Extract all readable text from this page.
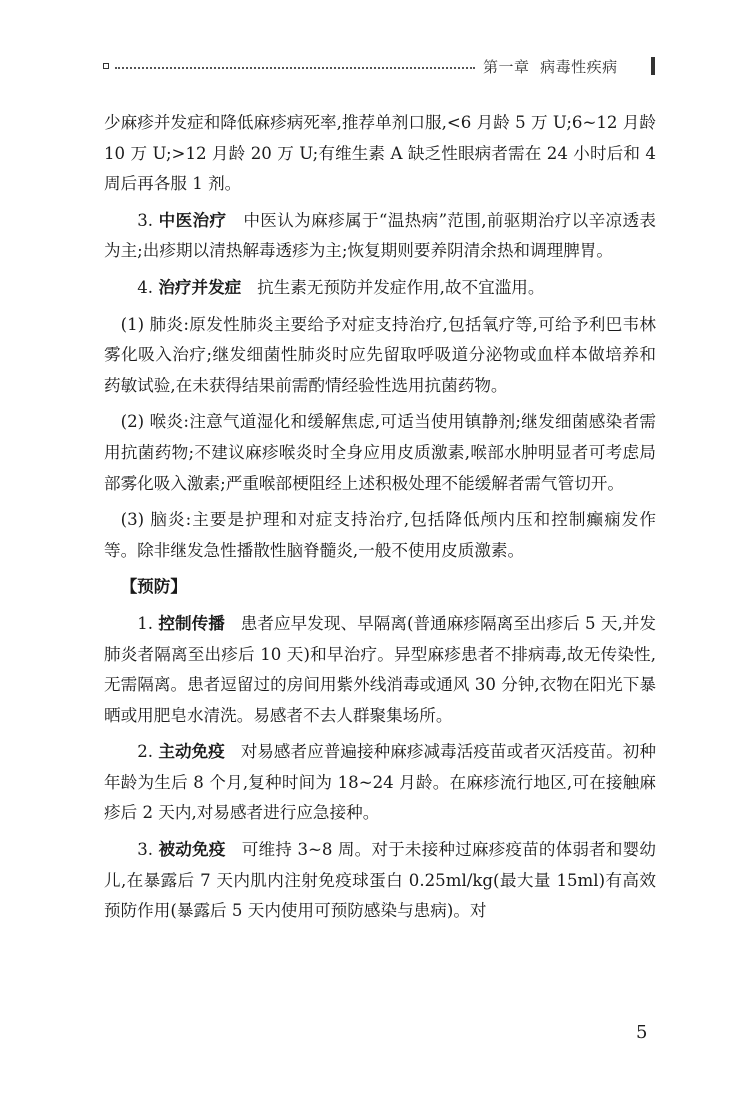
第一章 病毒性疾病

少麻疹并发症和降低麻疹病死率,推荐单剂口服,<6 月龄 5 万 U;6~12 月龄 10 万 U;>12 月龄 20 万 U;有维生素 A 缺乏性眼病者需在 24 小时后和 4 周后再各服 1 剂。

3. 中医治疗 中医认为麻疹属于“温热病”范围,前驱期治疗以辛凉透表为主;出疹期以清热解毒透疹为主;恢复期则要养阴清余热和调理脾胃。

4. 治疗并发症 抗生素无预防并发症作用,故不宜滥用。

(1) 肺炎:原发性肺炎主要给予对症支持治疗,包括氧疗等,可给予利巴韦林雾化吸入治疗;继发细菌性肺炎时应先留取呼吸道分泌物或血样本做培养和药敏试验,在未获得结果前需酌情经验性选用抗菌药物。

(2) 喉炎:注意气道湿化和缓解焦虑,可适当使用镇静剂;继发细菌感染者需用抗菌药物;不建议麻疹喉炎时全身应用皮质激素,喉部水肿明显者可考虑局部雾化吸入激素;严重喉部梗阻经上述积极处理不能缓解者需气管切开。

(3) 脑炎:主要是护理和对症支持治疗,包括降低颅内压和控制癫痫发作等。除非继发急性播散性脑脊髓炎,一般不使用皮质激素。

【预防】

1. 控制传播 患者应早发现、早隔离(普通麻疹隔离至出疹后 5 天,并发肺炎者隔离至出疹后 10 天)和早治疗。异型麻疹患者不排病毒,故无传染性,无需隔离。患者逗留过的房间用紫外线消毒或通风 30 分钟,衣物在阳光下暴晒或用肥皂水清洗。易感者不去人群聚集场所。

2. 主动免疫 对易感者应普遍接种麻疹减毒活疫苗或者灭活疫苗。初种年龄为生后 8 个月,复种时间为 18~24 月龄。在麻疹流行地区,可在接触麻疹后 2 天内,对易感者进行应急接种。

3. 被动免疫 可维持 3~8 周。对于未接种过麻疹疫苗的体弱者和婴幼儿,在暴露后 7 天内肌内注射免疫球蛋白 0.25ml/kg(最大量 15ml)有高效预防作用(暴露后 5 天内使用可预防感染与患病)。对

5
